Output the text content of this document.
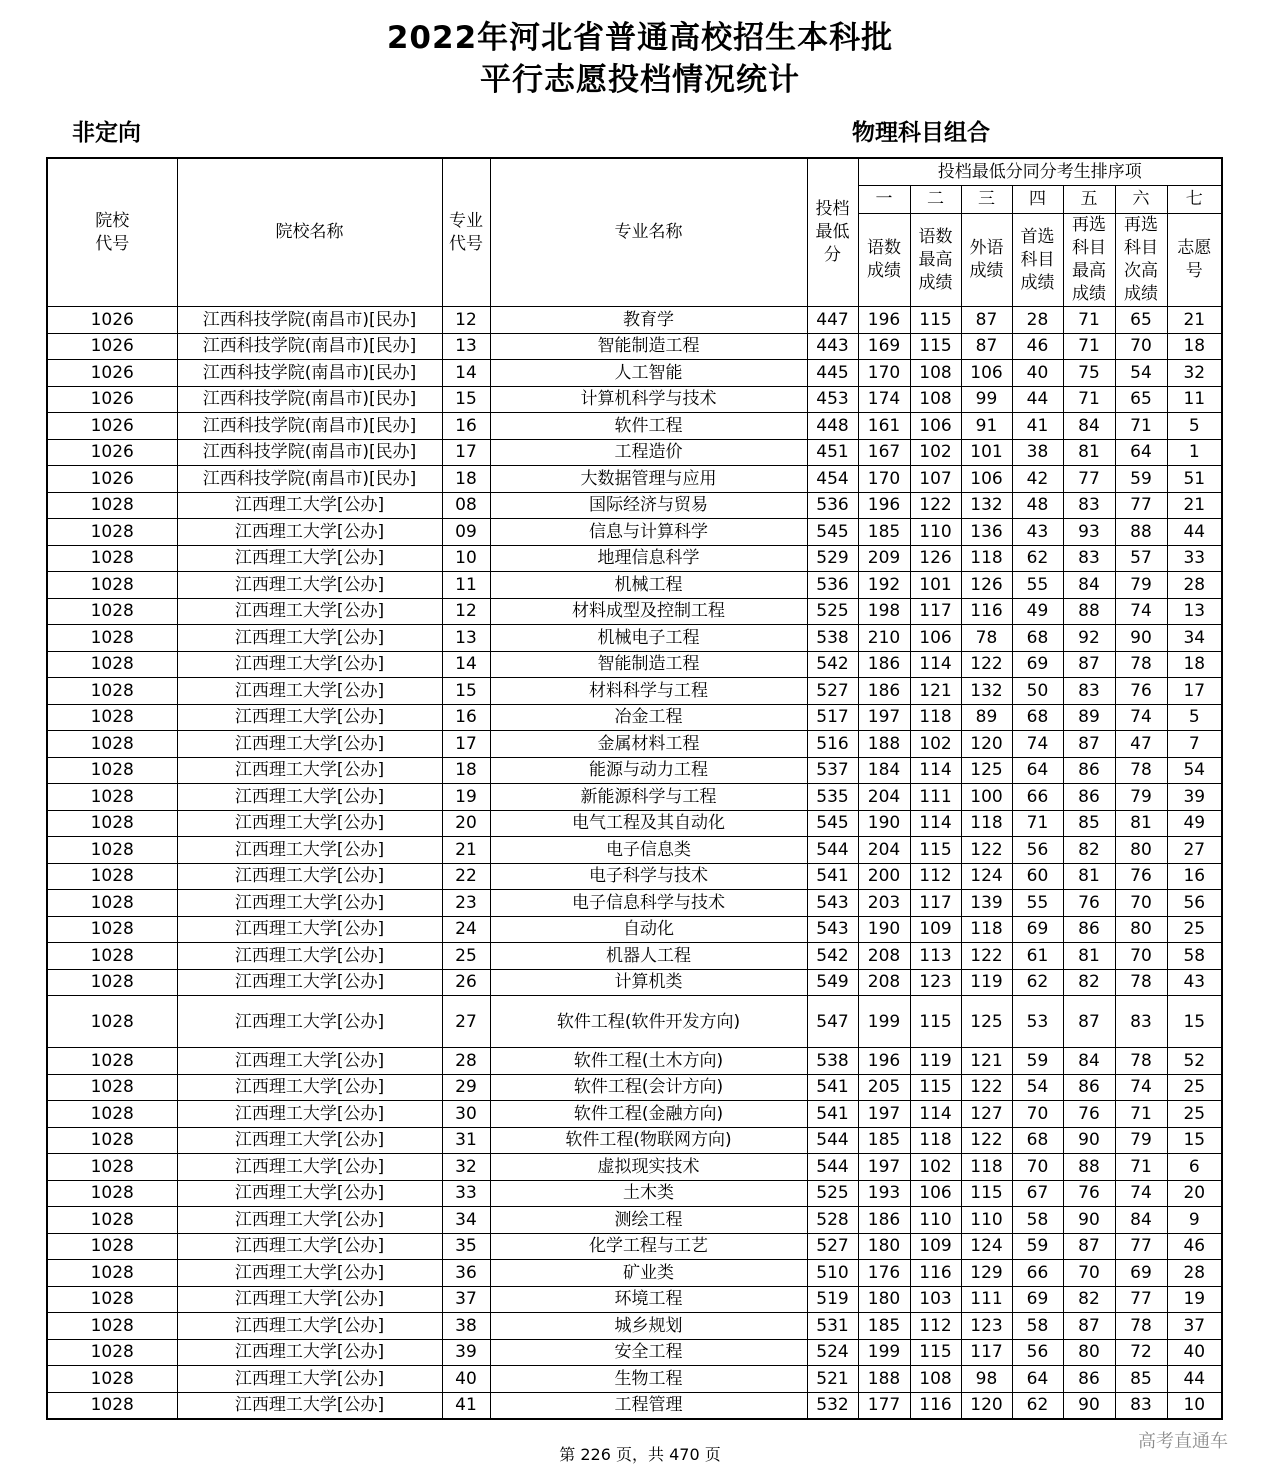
2022年河北省普通高校招生本科批
平行志愿投档情况统计
非定向	物理科目组合
院校代号	院校名称	专业代号	专业名称	投档最低分	投档最低分同分考生排序项						
					一	二	三	四	五	六	七
					语数成绩	语数最高成绩	外语成绩	首选科目成绩	再选科目最高成绩	再选科目次高成绩	志愿号
1026	江西科技学院(南昌市)[民办]	12	教育学	447	196	115	87	28	71	65	21
1026	江西科技学院(南昌市)[民办]	13	智能制造工程	443	169	115	87	46	71	70	18
1026	江西科技学院(南昌市)[民办]	14	人工智能	445	170	108	106	40	75	54	32
1026	江西科技学院(南昌市)[民办]	15	计算机科学与技术	453	174	108	99	44	71	65	11
1026	江西科技学院(南昌市)[民办]	16	软件工程	448	161	106	91	41	84	71	5
1026	江西科技学院(南昌市)[民办]	17	工程造价	451	167	102	101	38	81	64	1
1026	江西科技学院(南昌市)[民办]	18	大数据管理与应用	454	170	107	106	42	77	59	51
1028	江西理工大学[公办]	08	国际经济与贸易	536	196	122	132	48	83	77	21
1028	江西理工大学[公办]	09	信息与计算科学	545	185	110	136	43	93	88	44
1028	江西理工大学[公办]	10	地理信息科学	529	209	126	118	62	83	57	33
1028	江西理工大学[公办]	11	机械工程	536	192	101	126	55	84	79	28
1028	江西理工大学[公办]	12	材料成型及控制工程	525	198	117	116	49	88	74	13
1028	江西理工大学[公办]	13	机械电子工程	538	210	106	78	68	92	90	34
1028	江西理工大学[公办]	14	智能制造工程	542	186	114	122	69	87	78	18
1028	江西理工大学[公办]	15	材料科学与工程	527	186	121	132	50	83	76	17
1028	江西理工大学[公办]	16	冶金工程	517	197	118	89	68	89	74	5
1028	江西理工大学[公办]	17	金属材料工程	516	188	102	120	74	87	47	7
1028	江西理工大学[公办]	18	能源与动力工程	537	184	114	125	64	86	78	54
1028	江西理工大学[公办]	19	新能源科学与工程	535	204	111	100	66	86	79	39
1028	江西理工大学[公办]	20	电气工程及其自动化	545	190	114	118	71	85	81	49
1028	江西理工大学[公办]	21	电子信息类	544	204	115	122	56	82	80	27
1028	江西理工大学[公办]	22	电子科学与技术	541	200	112	124	60	81	76	16
1028	江西理工大学[公办]	23	电子信息科学与技术	543	203	117	139	55	76	70	56
1028	江西理工大学[公办]	24	自动化	543	190	109	118	69	86	80	25
1028	江西理工大学[公办]	25	机器人工程	542	208	113	122	61	81	70	58
1028	江西理工大学[公办]	26	计算机类	549	208	123	119	62	82	78	43
1028	江西理工大学[公办]	27	软件工程(软件开发方向)	547	199	115	125	53	87	83	15
1028	江西理工大学[公办]	28	软件工程(土木方向)	538	196	119	121	59	84	78	52
1028	江西理工大学[公办]	29	软件工程(会计方向)	541	205	115	122	54	86	74	25
1028	江西理工大学[公办]	30	软件工程(金融方向)	541	197	114	127	70	76	71	25
1028	江西理工大学[公办]	31	软件工程(物联网方向)	544	185	118	122	68	90	79	15
1028	江西理工大学[公办]	32	虚拟现实技术	544	197	102	118	70	88	71	6
1028	江西理工大学[公办]	33	土木类	525	193	106	115	67	76	74	20
1028	江西理工大学[公办]	34	测绘工程	528	186	110	110	58	90	84	9
1028	江西理工大学[公办]	35	化学工程与工艺	527	180	109	124	59	87	77	46
1028	江西理工大学[公办]	36	矿业类	510	176	116	129	66	70	69	28
1028	江西理工大学[公办]	37	环境工程	519	180	103	111	69	82	77	19
1028	江西理工大学[公办]	38	城乡规划	531	185	112	123	58	87	78	37
1028	江西理工大学[公办]	39	安全工程	524	199	115	117	56	80	72	40
1028	江西理工大学[公办]	40	生物工程	521	188	108	98	64	86	85	44
1028	江西理工大学[公办]	41	工程管理	532	177	116	120	62	90	83	10
第 226 页，共 470 页
高考直通车
